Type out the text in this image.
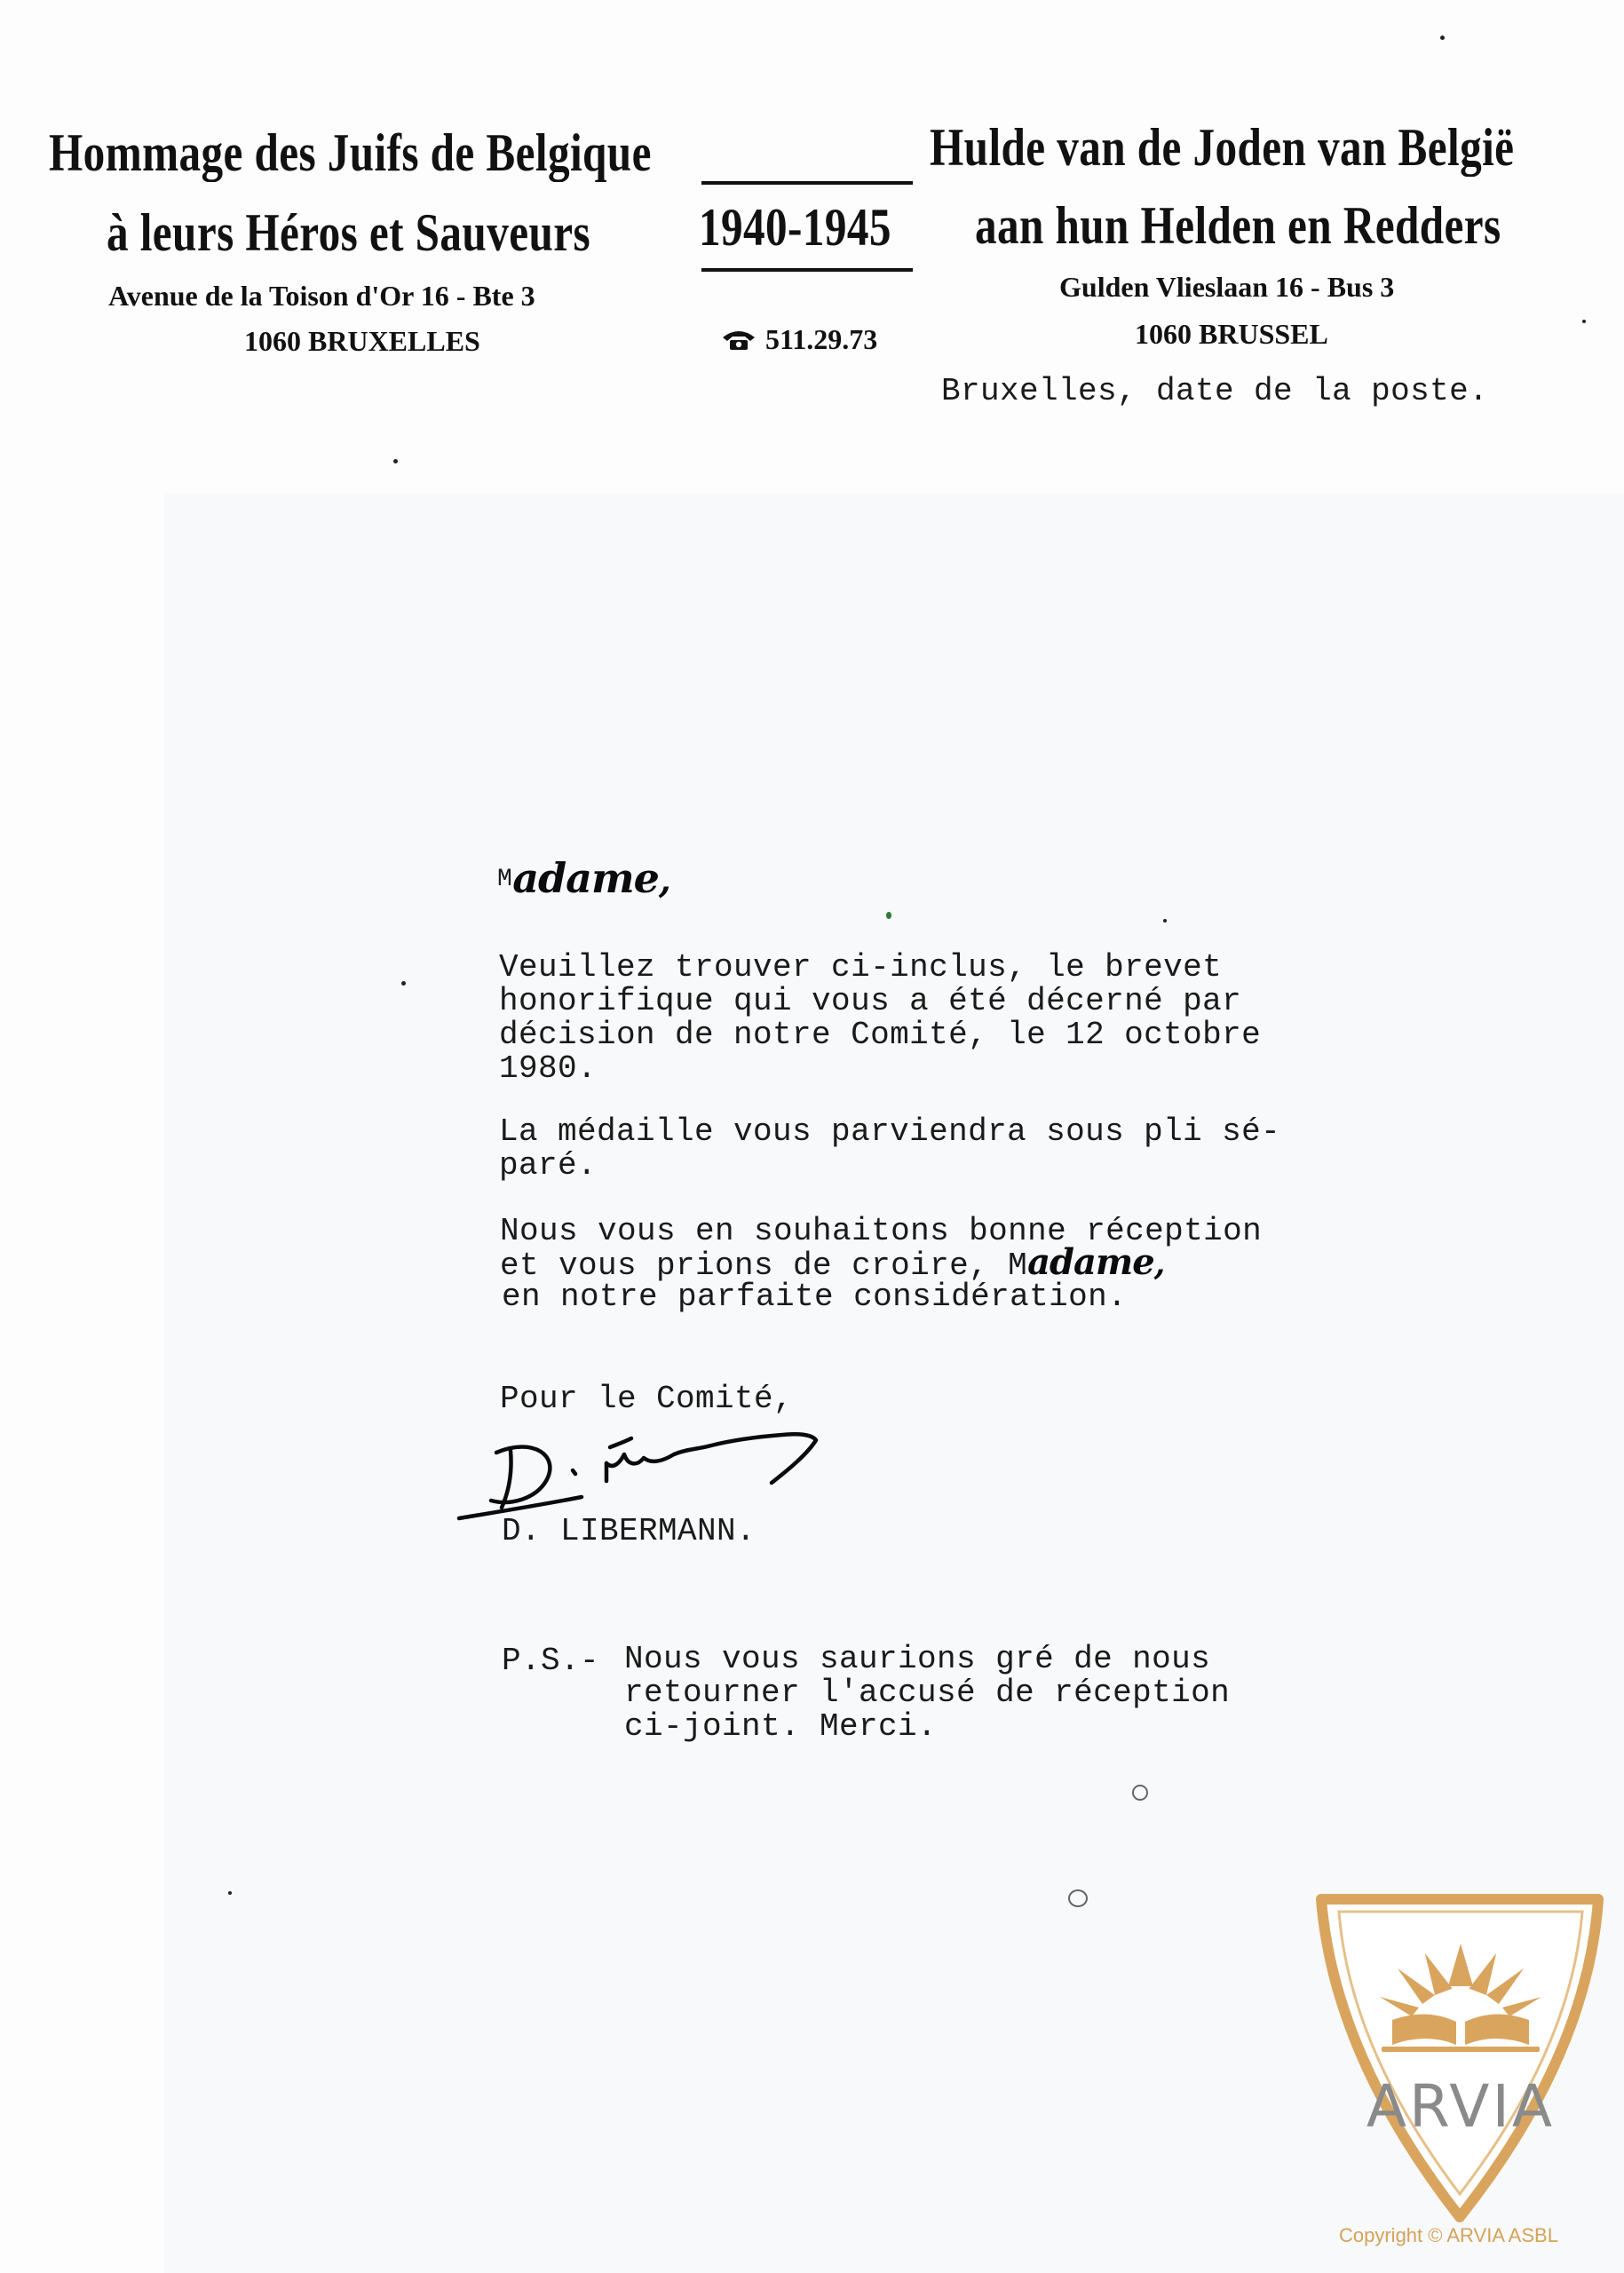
Hommage des Juifs de Belgique
à leurs Héros et Sauveurs
Avenue de la Toison d'Or 16 - Bte 3
1060 BRUXELLES
1940-1945
511.29.73
Hulde van de Joden van België
aan hun Helden en Redders
Gulden Vlieslaan 16 - Bus 3
1060 BRUSSEL
Bruxelles, date de la poste.
$^M$adame,
Veuillez trouver ci-inclus, le brevet
honorifique qui vous a été décerné par
décision de notre Comité, le 12 octobre
1980.
La médaille vous parviendra sous pli sé-
paré.
Nous vous en souhaitons bonne réception
et vous prions de croire, Madame,
en notre parfaite considération.
Pour le Comité,
D. LIBERMANN.
P.S.- Nous vous saurions gré de nous
retourner l'accusé de réception
ci-joint. Merci.
ARVIA
Copyright © ARVIA ASBL
